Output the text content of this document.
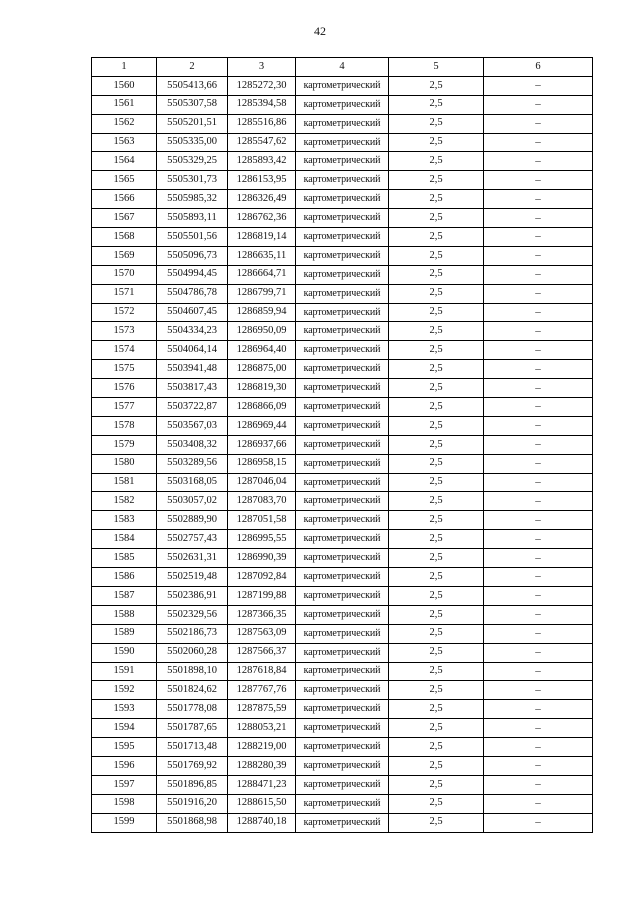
42
1	2	3	4	5	6
1560	5505413,66	1285272,30	картометрический	2,5	–
1561	5505307,58	1285394,58	картометрический	2,5	–
1562	5505201,51	1285516,86	картометрический	2,5	–
1563	5505335,00	1285547,62	картометрический	2,5	–
1564	5505329,25	1285893,42	картометрический	2,5	–
1565	5505301,73	1286153,95	картометрический	2,5	–
1566	5505985,32	1286326,49	картометрический	2,5	–
1567	5505893,11	1286762,36	картометрический	2,5	–
1568	5505501,56	1286819,14	картометрический	2,5	–
1569	5505096,73	1286635,11	картометрический	2,5	–
1570	5504994,45	1286664,71	картометрический	2,5	–
1571	5504786,78	1286799,71	картометрический	2,5	–
1572	5504607,45	1286859,94	картометрический	2,5	–
1573	5504334,23	1286950,09	картометрический	2,5	–
1574	5504064,14	1286964,40	картометрический	2,5	–
1575	5503941,48	1286875,00	картометрический	2,5	–
1576	5503817,43	1286819,30	картометрический	2,5	–
1577	5503722,87	1286866,09	картометрический	2,5	–
1578	5503567,03	1286969,44	картометрический	2,5	–
1579	5503408,32	1286937,66	картометрический	2,5	–
1580	5503289,56	1286958,15	картометрический	2,5	–
1581	5503168,05	1287046,04	картометрический	2,5	–
1582	5503057,02	1287083,70	картометрический	2,5	–
1583	5502889,90	1287051,58	картометрический	2,5	–
1584	5502757,43	1286995,55	картометрический	2,5	–
1585	5502631,31	1286990,39	картометрический	2,5	–
1586	5502519,48	1287092,84	картометрический	2,5	–
1587	5502386,91	1287199,88	картометрический	2,5	–
1588	5502329,56	1287366,35	картометрический	2,5	–
1589	5502186,73	1287563,09	картометрический	2,5	–
1590	5502060,28	1287566,37	картометрический	2,5	–
1591	5501898,10	1287618,84	картометрический	2,5	–
1592	5501824,62	1287767,76	картометрический	2,5	–
1593	5501778,08	1287875,59	картометрический	2,5	–
1594	5501787,65	1288053,21	картометрический	2,5	–
1595	5501713,48	1288219,00	картометрический	2,5	–
1596	5501769,92	1288280,39	картометрический	2,5	–
1597	5501896,85	1288471,23	картометрический	2,5	–
1598	5501916,20	1288615,50	картометрический	2,5	–
1599	5501868,98	1288740,18	картометрический	2,5	–
